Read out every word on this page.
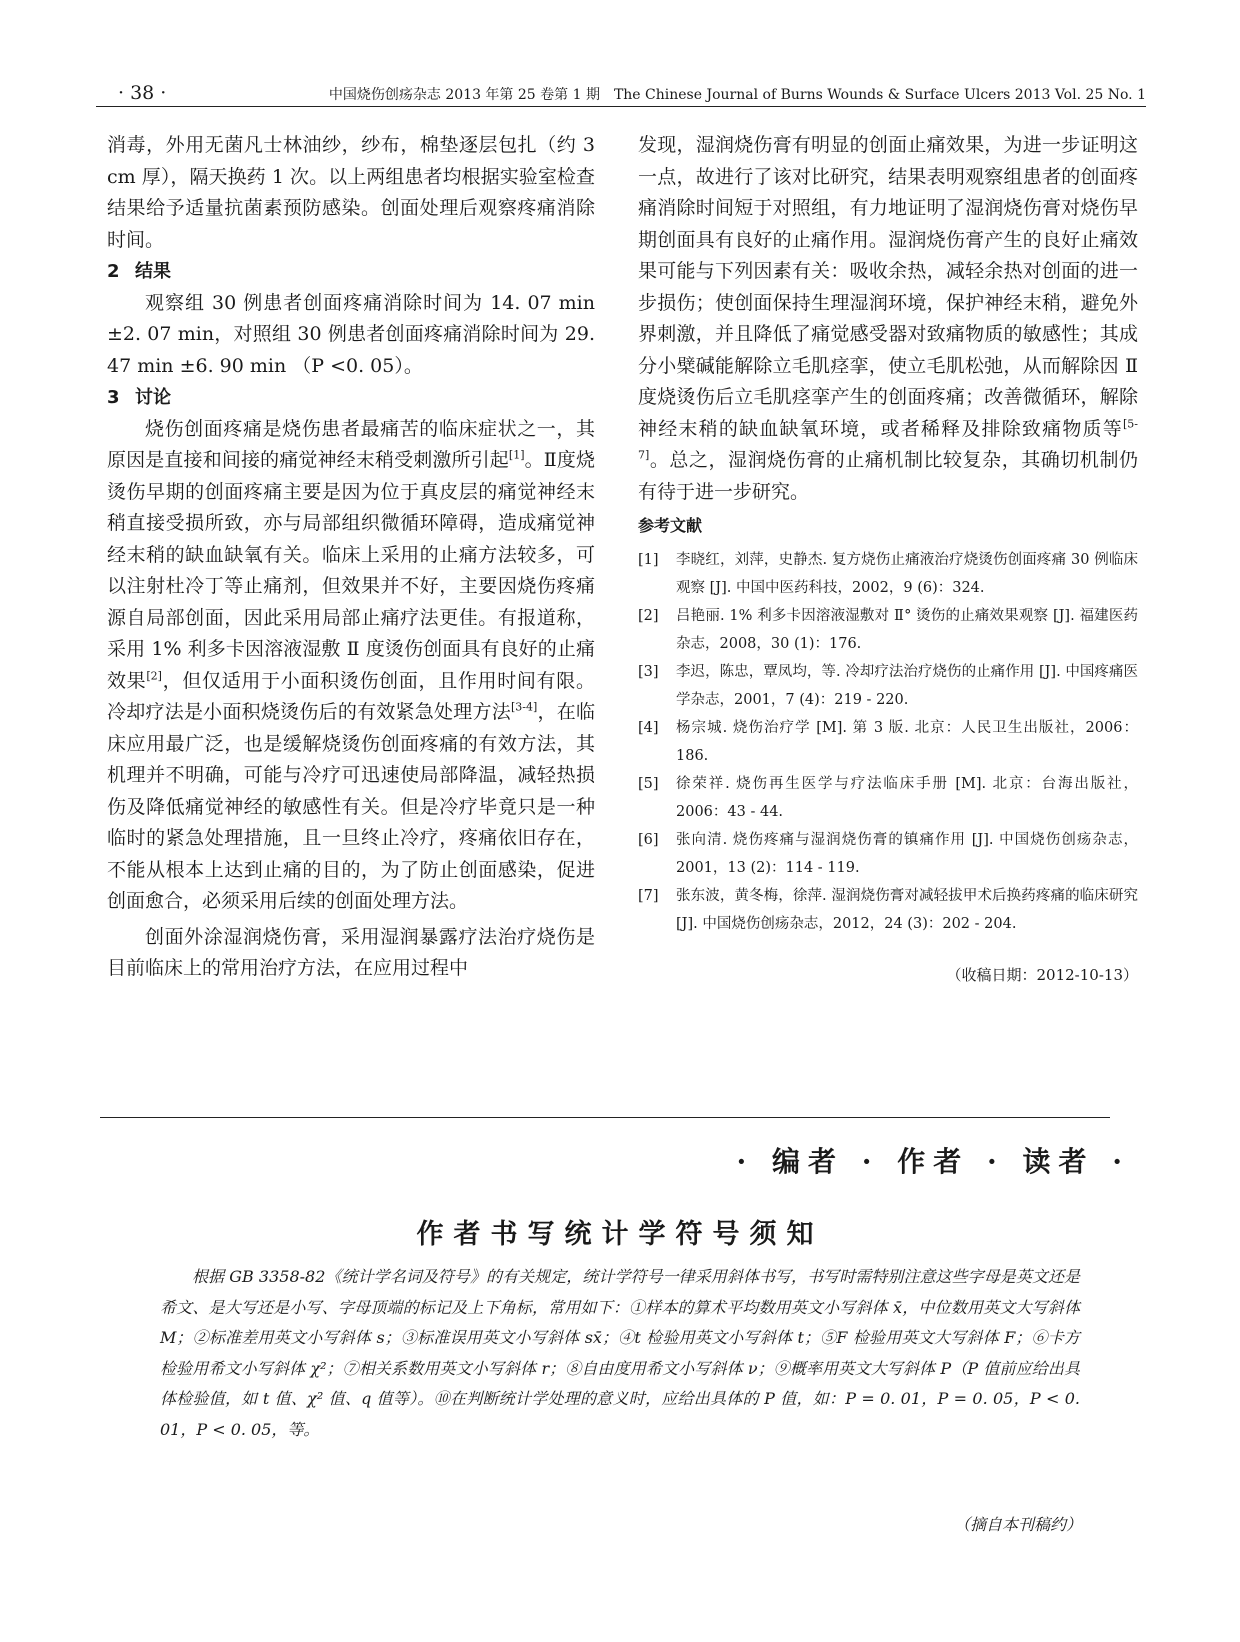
· 38 ·	中国烧伤创疡杂志 2013 年第 25 卷第 1 期　The Chinese Journal of Burns Wounds & Surface Ulcers 2013 Vol. 25 No. 1

消毒，外用无菌凡士林油纱，纱布，棉垫逐层包扎（约 3 cm 厚），隔天换药 1 次。以上两组患者均根据实验室检查结果给予适量抗菌素预防感染。创面处理后观察疼痛消除时间。

2 结果

观察组 30 例患者创面疼痛消除时间为 14. 07 min ±2. 07 min，对照组 30 例患者创面疼痛消除时间为 29. 47 min ±6. 90 min （P <0. 05）。

3 讨论

烧伤创面疼痛是烧伤患者最痛苦的临床症状之一，其原因是直接和间接的痛觉神经末稍受刺激所引起[1]。Ⅱ度烧烫伤早期的创面疼痛主要是因为位于真皮层的痛觉神经末稍直接受损所致，亦与局部组织微循环障碍，造成痛觉神经末稍的缺血缺氧有关。临床上采用的止痛方法较多，可以注射杜冷丁等止痛剂，但效果并不好，主要因烧伤疼痛源自局部创面，因此采用局部止痛疗法更佳。有报道称，采用 1% 利多卡因溶液湿敷 Ⅱ 度烫伤创面具有良好的止痛效果[2]，但仅适用于小面积烫伤创面，且作用时间有限。冷却疗法是小面积烧烫伤后的有效紧急处理方法[3-4]，在临床应用最广泛，也是缓解烧烫伤创面疼痛的有效方法，其机理并不明确，可能与冷疗可迅速使局部降温，减轻热损伤及降低痛觉神经的敏感性有关。但是冷疗毕竟只是一种临时的紧急处理措施，且一旦终止冷疗，疼痛依旧存在，不能从根本上达到止痛的目的，为了防止创面感染，促进创面愈合，必须采用后续的创面处理方法。

创面外涂湿润烧伤膏，采用湿润暴露疗法治疗烧伤是目前临床上的常用治疗方法，在应用过程中

发现，湿润烧伤膏有明显的创面止痛效果，为进一步证明这一点，故进行了该对比研究，结果表明观察组患者的创面疼痛消除时间短于对照组，有力地证明了湿润烧伤膏对烧伤早期创面具有良好的止痛作用。湿润烧伤膏产生的良好止痛效果可能与下列因素有关：吸收余热，减轻余热对创面的进一步损伤；使创面保持生理湿润环境，保护神经末稍，避免外界刺激，并且降低了痛觉感受器对致痛物质的敏感性；其成分小檗碱能解除立毛肌痉挛，使立毛肌松弛，从而解除因 Ⅱ 度烧烫伤后立毛肌痉挛产生的创面疼痛；改善微循环，解除神经末稍的缺血缺氧环境，或者稀释及排除致痛物质等[5-7]。总之，湿润烧伤膏的止痛机制比较复杂，其确切机制仍有待于进一步研究。

参考文献
[1] 李晓红，刘萍，史静杰. 复方烧伤止痛液治疗烧烫伤创面疼痛 30 例临床观察 [J]. 中国中医药科技，2002，9 (6)：324.
[2] 吕艳丽. 1% 利多卡因溶液湿敷对 Ⅱ° 烫伤的止痛效果观察 [J]. 福建医药杂志，2008，30 (1)：176.
[3] 李迟，陈忠，覃凤均，等. 冷却疗法治疗烧伤的止痛作用 [J]. 中国疼痛医学杂志，2001，7 (4)：219 - 220.
[4] 杨宗城. 烧伤治疗学 [M]. 第 3 版. 北京：人民卫生出版社，2006：186.
[5] 徐荣祥. 烧伤再生医学与疗法临床手册 [M]. 北京：台海出版社，2006：43 - 44.
[6] 张向清. 烧伤疼痛与湿润烧伤膏的镇痛作用 [J]. 中国烧伤创疡杂志，2001，13 (2)：114 - 119.
[7] 张东波，黄冬梅，徐萍. 湿润烧伤膏对减轻拔甲术后换药疼痛的临床研究 [J]. 中国烧伤创疡杂志，2012，24 (3)：202 - 204.
（收稿日期：2012-10-13）
· 编者 · 作者 · 读者 ·
作者书写统计学符号须知
根据 GB 3358-82《统计学名词及符号》的有关规定，统计学符号一律采用斜体书写，书写时需特别注意这些字母是英文还是希文、是大写还是小写、字母顶端的标记及上下角标，常用如下：①样本的算术平均数用英文小写斜体 x̄，中位数用英文大写斜体 M；②标准差用英文小写斜体 s；③标准误用英文小写斜体 sx̄；④t 检验用英文小写斜体 t；⑤F 检验用英文大写斜体 F；⑥卡方检验用希文小写斜体 χ²；⑦相关系数用英文小写斜体 r；⑧自由度用希文小写斜体 ν；⑨概率用英文大写斜体 P（P 值前应给出具体检验值，如 t 值、χ² 值、q 值等）。⑩在判断统计学处理的意义时，应给出具体的 P 值，如：P = 0. 01，P = 0. 05，P < 0. 01，P < 0. 05，等。
（摘自本刊稿约）
